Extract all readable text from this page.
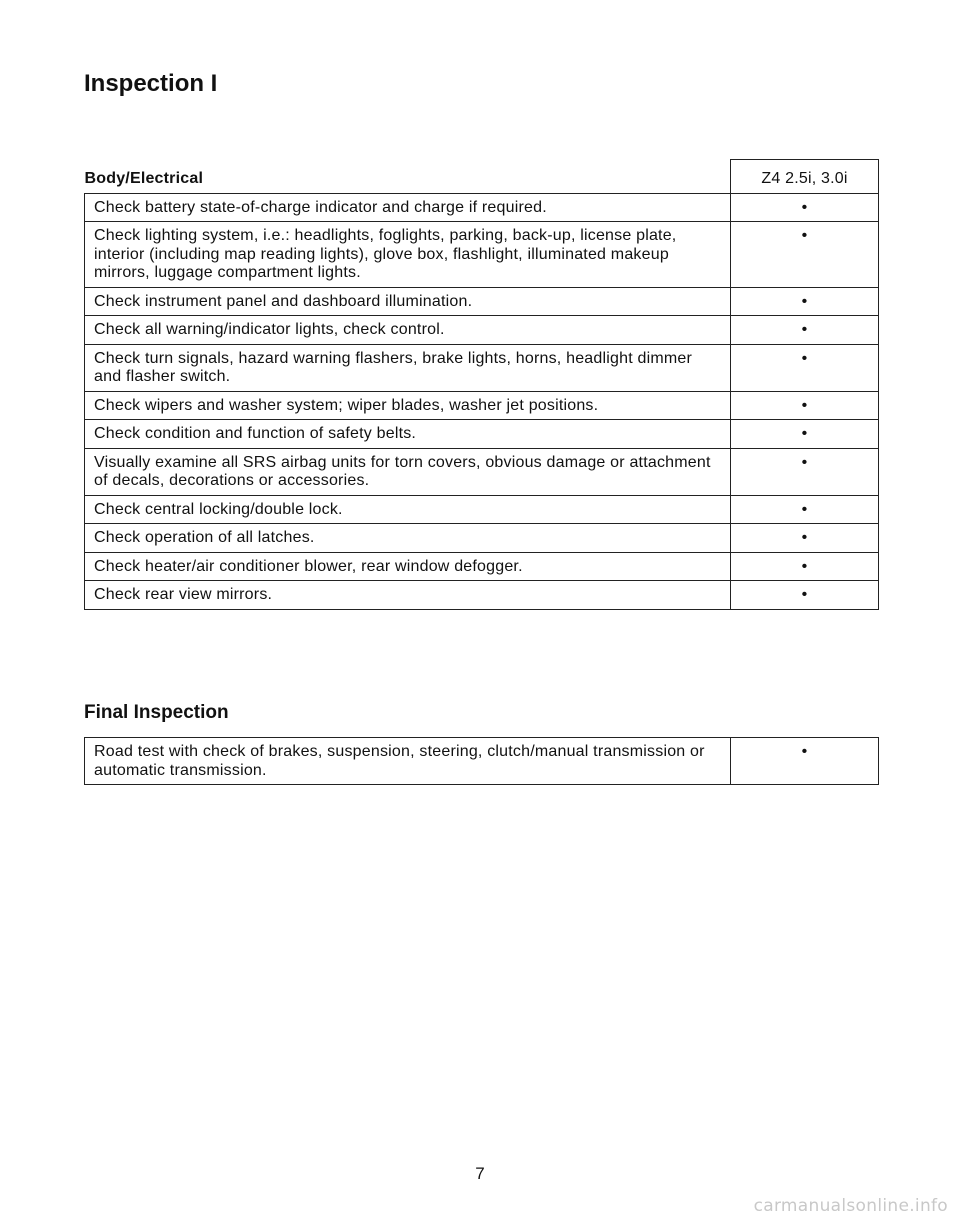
Inspection I
Body/Electrical	Z4 2.5i, 3.0i
Check battery state-of-charge indicator and charge if required.	•
Check lighting system, i.e.: headlights, foglights, parking, back-up, license plate, interior (including map reading lights), glove box, flashlight, illuminated makeup mirrors, luggage compartment lights.	•
Check instrument panel and dashboard illumination.	•
Check all warning/indicator lights, check control.	•
Check turn signals, hazard warning flashers, brake lights, horns, headlight dimmer and flasher switch.	•
Check wipers and washer system; wiper blades, washer jet positions.	•
Check condition and function of safety belts.	•
Visually examine all SRS airbag units for torn covers, obvious damage or attachment of decals, decorations or accessories.	•
Check central locking/double lock.	•
Check operation of all latches.	•
Check heater/air conditioner blower, rear window defogger.	•
Check rear view mirrors.	•
Final Inspection
Road test with check of brakes, suspension, steering, clutch/manual transmission or automatic transmission.	•
7
carmanualsonline.info
